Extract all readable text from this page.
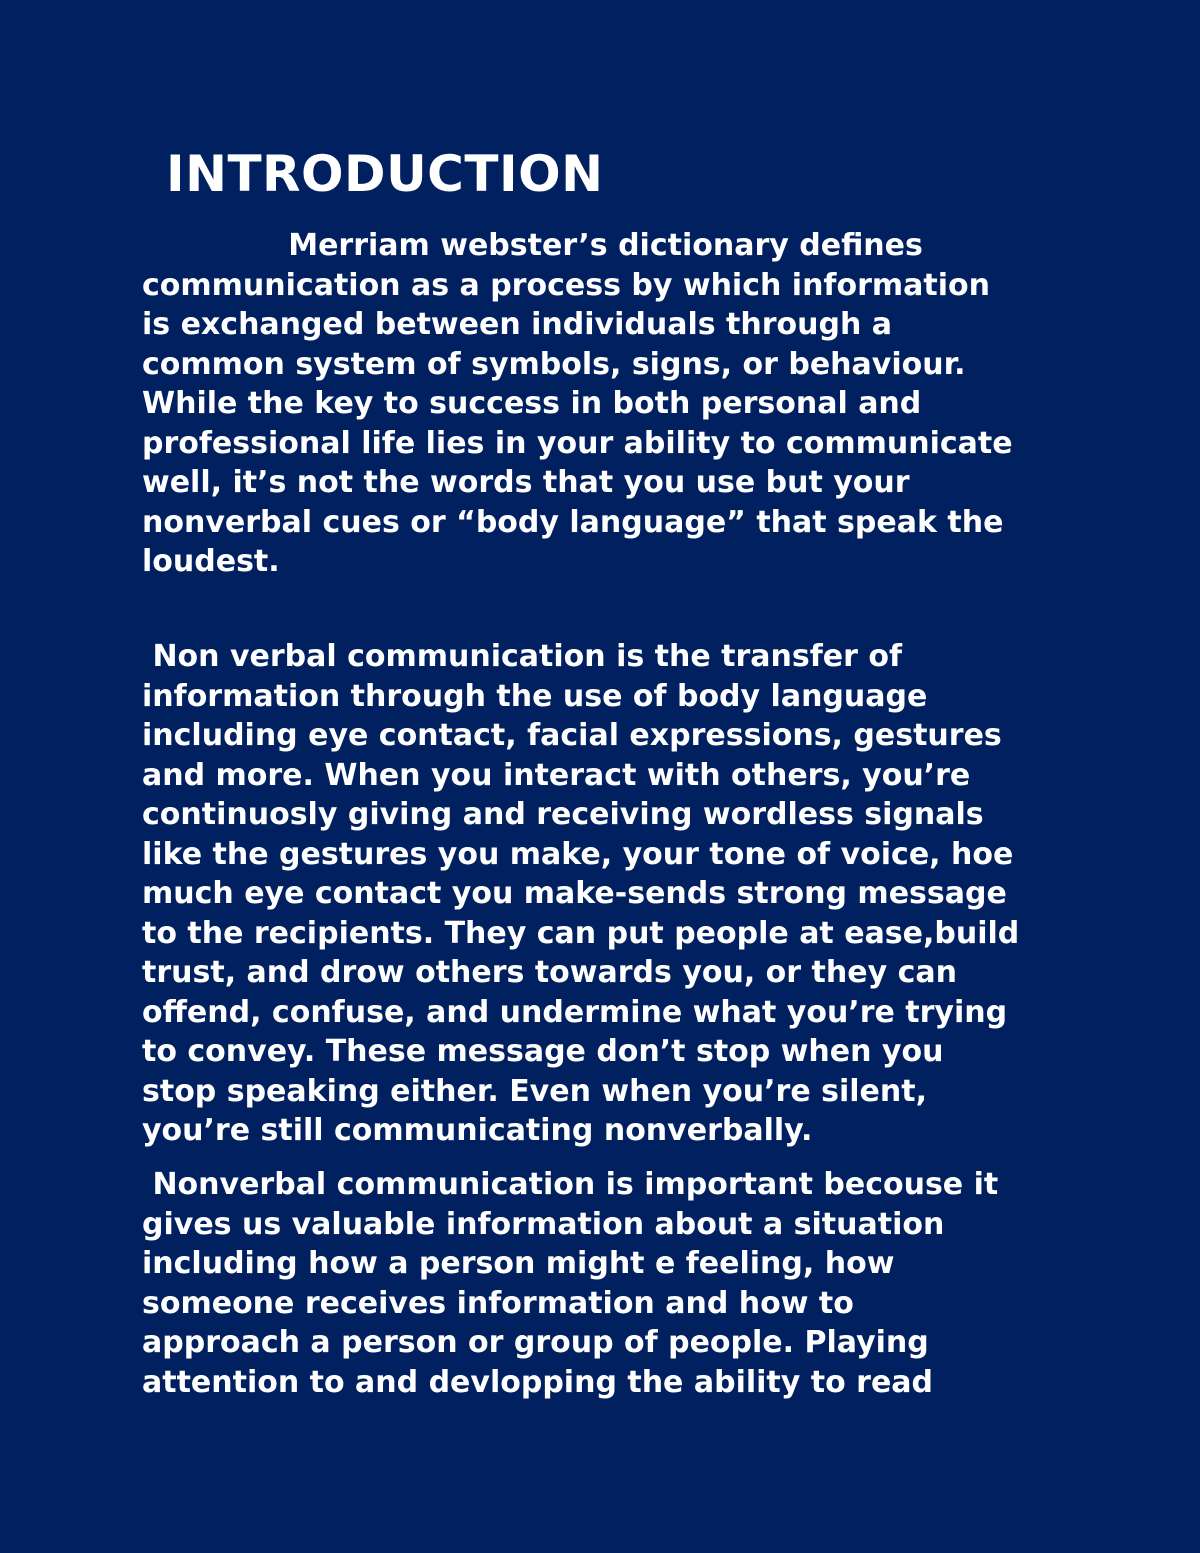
INTRODUCTION
Merriam webster’s dictionary defines
communication as a process by which information
is exchanged between individuals through a
common system of symbols, signs, or behaviour.
While the key to success in both personal and
professional life lies in your ability to communicate
well, it’s not the words that you use but your
nonverbal cues or “body language” that speak the
loudest.
Non verbal communication is the transfer of
information through the use of body language
including eye contact, facial expressions, gestures
and more. When you interact with others, you’re
continuosly giving and receiving wordless signals
like the gestures you make, your tone of voice, hoe
much eye contact you make-sends strong message
to the recipients. They can put people at ease,build
trust, and drow others towards you, or they can
offend, confuse, and undermine what you’re trying
to convey. These message don’t stop when you
stop speaking either. Even when you’re silent,
you’re still communicating nonverbally.
Nonverbal communication is important becouse it
gives us valuable information about a situation
including how a person might e feeling, how
someone receives information and how to
approach a person or group of people. Playing
attention to and devlopping the ability to read
